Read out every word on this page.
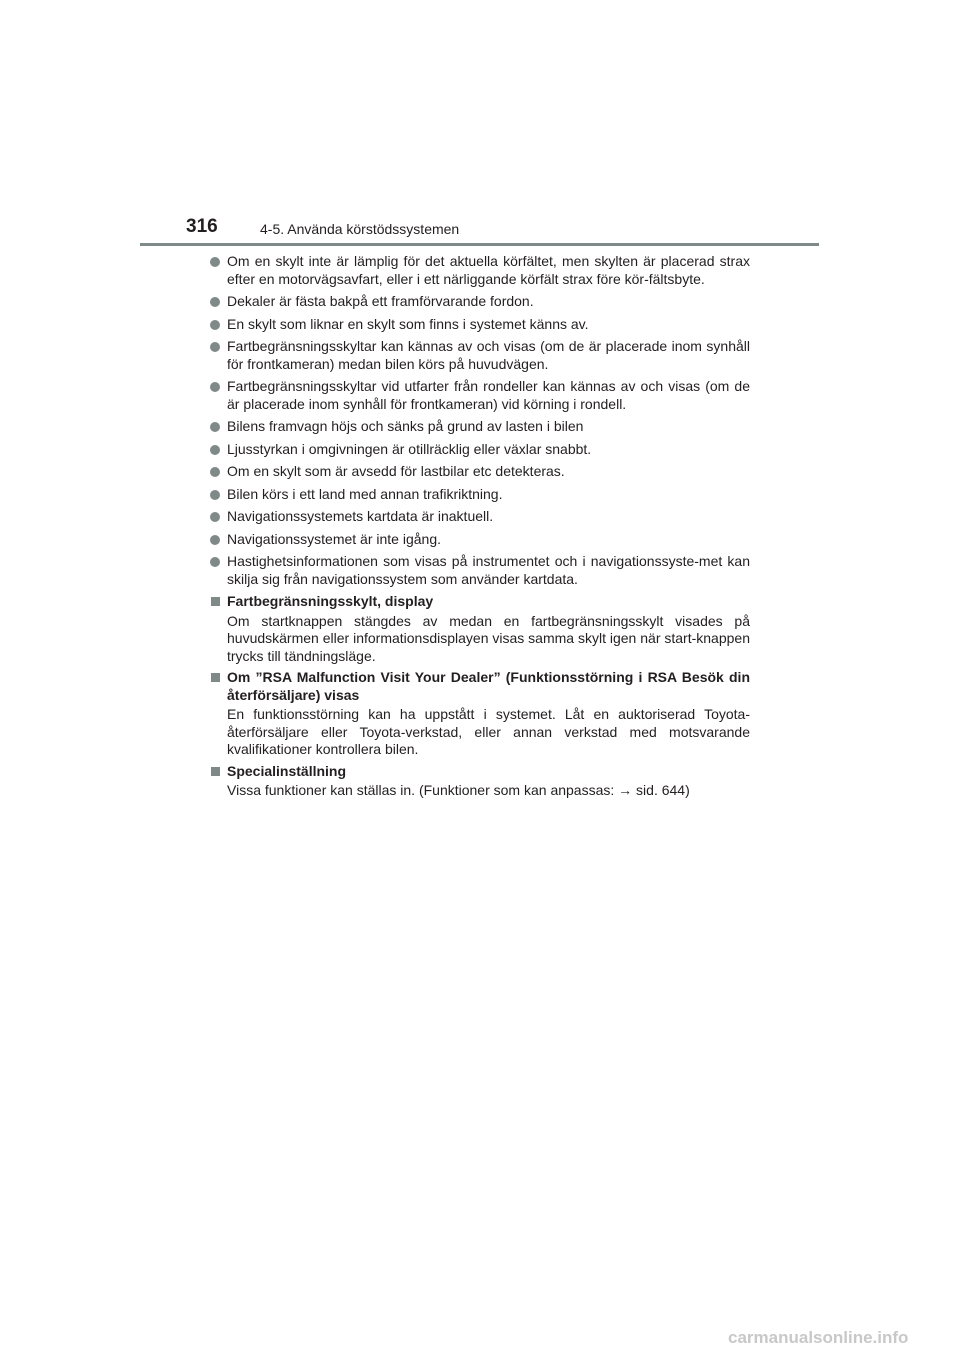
316	4-5. Använda körstödssystemen
Om en skylt inte är lämplig för det aktuella körfältet, men skylten är placerad strax efter en motorvägsavfart, eller i ett närliggande körfält strax före kör-fältsbyte.
Dekaler är fästa bakpå ett framförvarande fordon.
En skylt som liknar en skylt som finns i systemet känns av.
Fartbegränsningsskyltar kan kännas av och visas (om de är placerade inom synhåll för frontkameran) medan bilen körs på huvudvägen.
Fartbegränsningsskyltar vid utfarter från rondeller kan kännas av och visas (om de är placerade inom synhåll för frontkameran) vid körning i rondell.
Bilens framvagn höjs och sänks på grund av lasten i bilen
Ljusstyrkan i omgivningen är otillräcklig eller växlar snabbt.
Om en skylt som är avsedd för lastbilar etc detekteras.
Bilen körs i ett land med annan trafikriktning.
Navigationssystemets kartdata är inaktuell.
Navigationssystemet är inte igång.
Hastighetsinformationen som visas på instrumentet och i navigationssyste-met kan skilja sig från navigationssystem som använder kartdata.
Fartbegränsningsskylt, display
Om startknappen stängdes av medan en fartbegränsningsskylt visades på huvudskärmen eller informationsdisplayen visas samma skylt igen när start-knappen trycks till tändningsläge.
Om ”RSA Malfunction Visit Your Dealer” (Funktionsstörning i RSA Besök din återförsäljare) visas
En funktionsstörning kan ha uppstått i systemet. Låt en auktoriserad Toyota-återförsäljare eller Toyota-verkstad, eller annan verkstad med motsvarande kvalifikationer kontrollera bilen.
Specialinställning
Vissa funktioner kan ställas in. (Funktioner som kan anpassas: → sid. 644)
carmanualsonline.info
